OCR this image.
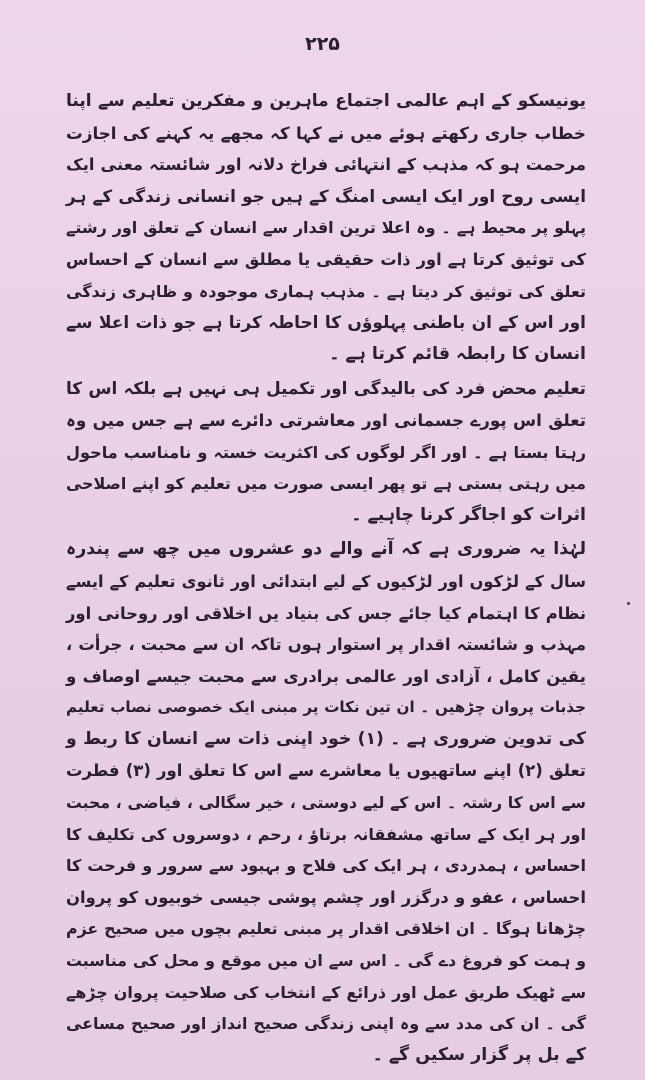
۲۲۵
یونیسکو کے اہم عالمی اجتماع ماہرین و مفکرین تعلیم سے اپنا
خطاب جاری رکھتے ہوئے میں نے کہا کہ مجھے یہ کہنے کی اجازت
مرحمت ہو کہ مذہب کے انتہائی فراخ دلانہ اور شائستہ معنی ایک
ایسی روح اور ایک ایسی امنگ کے ہیں جو انسانی زندگی کے ہر
پہلو پر محیط ہے ۔ وہ اعلا ترین اقدار سے انسان کے تعلق اور رشتے
کی توثیق کرتا ہے اور ذات حقیقی یا مطلق سے انسان کے احساس
تعلق کی توثیق کر دیتا ہے ۔ مذہب ہماری موجودہ و ظاہری زندگی
اور اس کے ان باطنی پہلوؤں کا احاطہ کرتا ہے جو ذات اعلا سے
انسان کا رابطہ قائم کرتا ہے ۔
تعلیم محض فرد کی بالیدگی اور تکمیل ہی نہیں ہے بلکہ اس کا
تعلق اس پورے جسمانی اور معاشرتی دائرے سے ہے جس میں وہ
رہتا بستا ہے ۔ اور اگر لوگوں کی اکثریت خستہ و نامناسب ماحول
میں رہتی بستی ہے تو پھر ایسی صورت میں تعلیم کو اپنے اصلاحی
اثرات کو اجاگر کرنا چاہیے ۔
لہٰذا یہ ضروری ہے کہ آنے والے دو عشروں میں چھ سے پندرہ
سال کے لڑکوں اور لڑکیوں کے لیے ابتدائی اور ثانوی تعلیم کے ایسے
نظام کا اہتمام کیا جائے جس کی بنیاد یں اخلاقی اور روحانی اور
مہذب و شائستہ اقدار پر استوار ہوں تاکہ ان سے محبت ، جرأت ،
یقین کامل ، آزادی اور عالمی برادری سے محبت جیسے اوصاف و
جذبات پروان چڑھیں ۔ ان تین نکات پر مبنی ایک خصوصی نصاب تعلیم
کی تدوین ضروری ہے ۔ (۱) خود اپنی ذات سے انسان کا ربط و
تعلق (۲) اپنے ساتھیوں یا معاشرے سے اس کا تعلق اور (۳) فطرت
سے اس کا رشتہ ۔ اس کے لیے دوستی ، خیر سگالی ، فیاضی ، محبت
اور ہر ایک کے ساتھ مشفقانہ برتاؤ ، رحم ، دوسروں کی تکلیف کا
احساس ، ہمدردی ، ہر ایک کی فلاح و بہبود سے سرور و فرحت کا
احساس ، عفو و درگزر اور چشم پوشی جیسی خوبیوں کو پروان
چڑھانا ہوگا ۔ ان اخلاقی اقدار پر مبنی تعلیم بچوں میں صحیح عزم
و ہمت کو فروغ دے گی ۔ اس سے ان میں موقع و محل کی مناسبت
سے ٹھیک طریق عمل اور ذرائع کے انتخاب کی صلاحیت پروان چڑھے
گی ۔ ان کی مدد سے وہ اپنی زندگی صحیح انداز اور صحیح مساعی
کے بل پر گزار سکیں گے ۔
